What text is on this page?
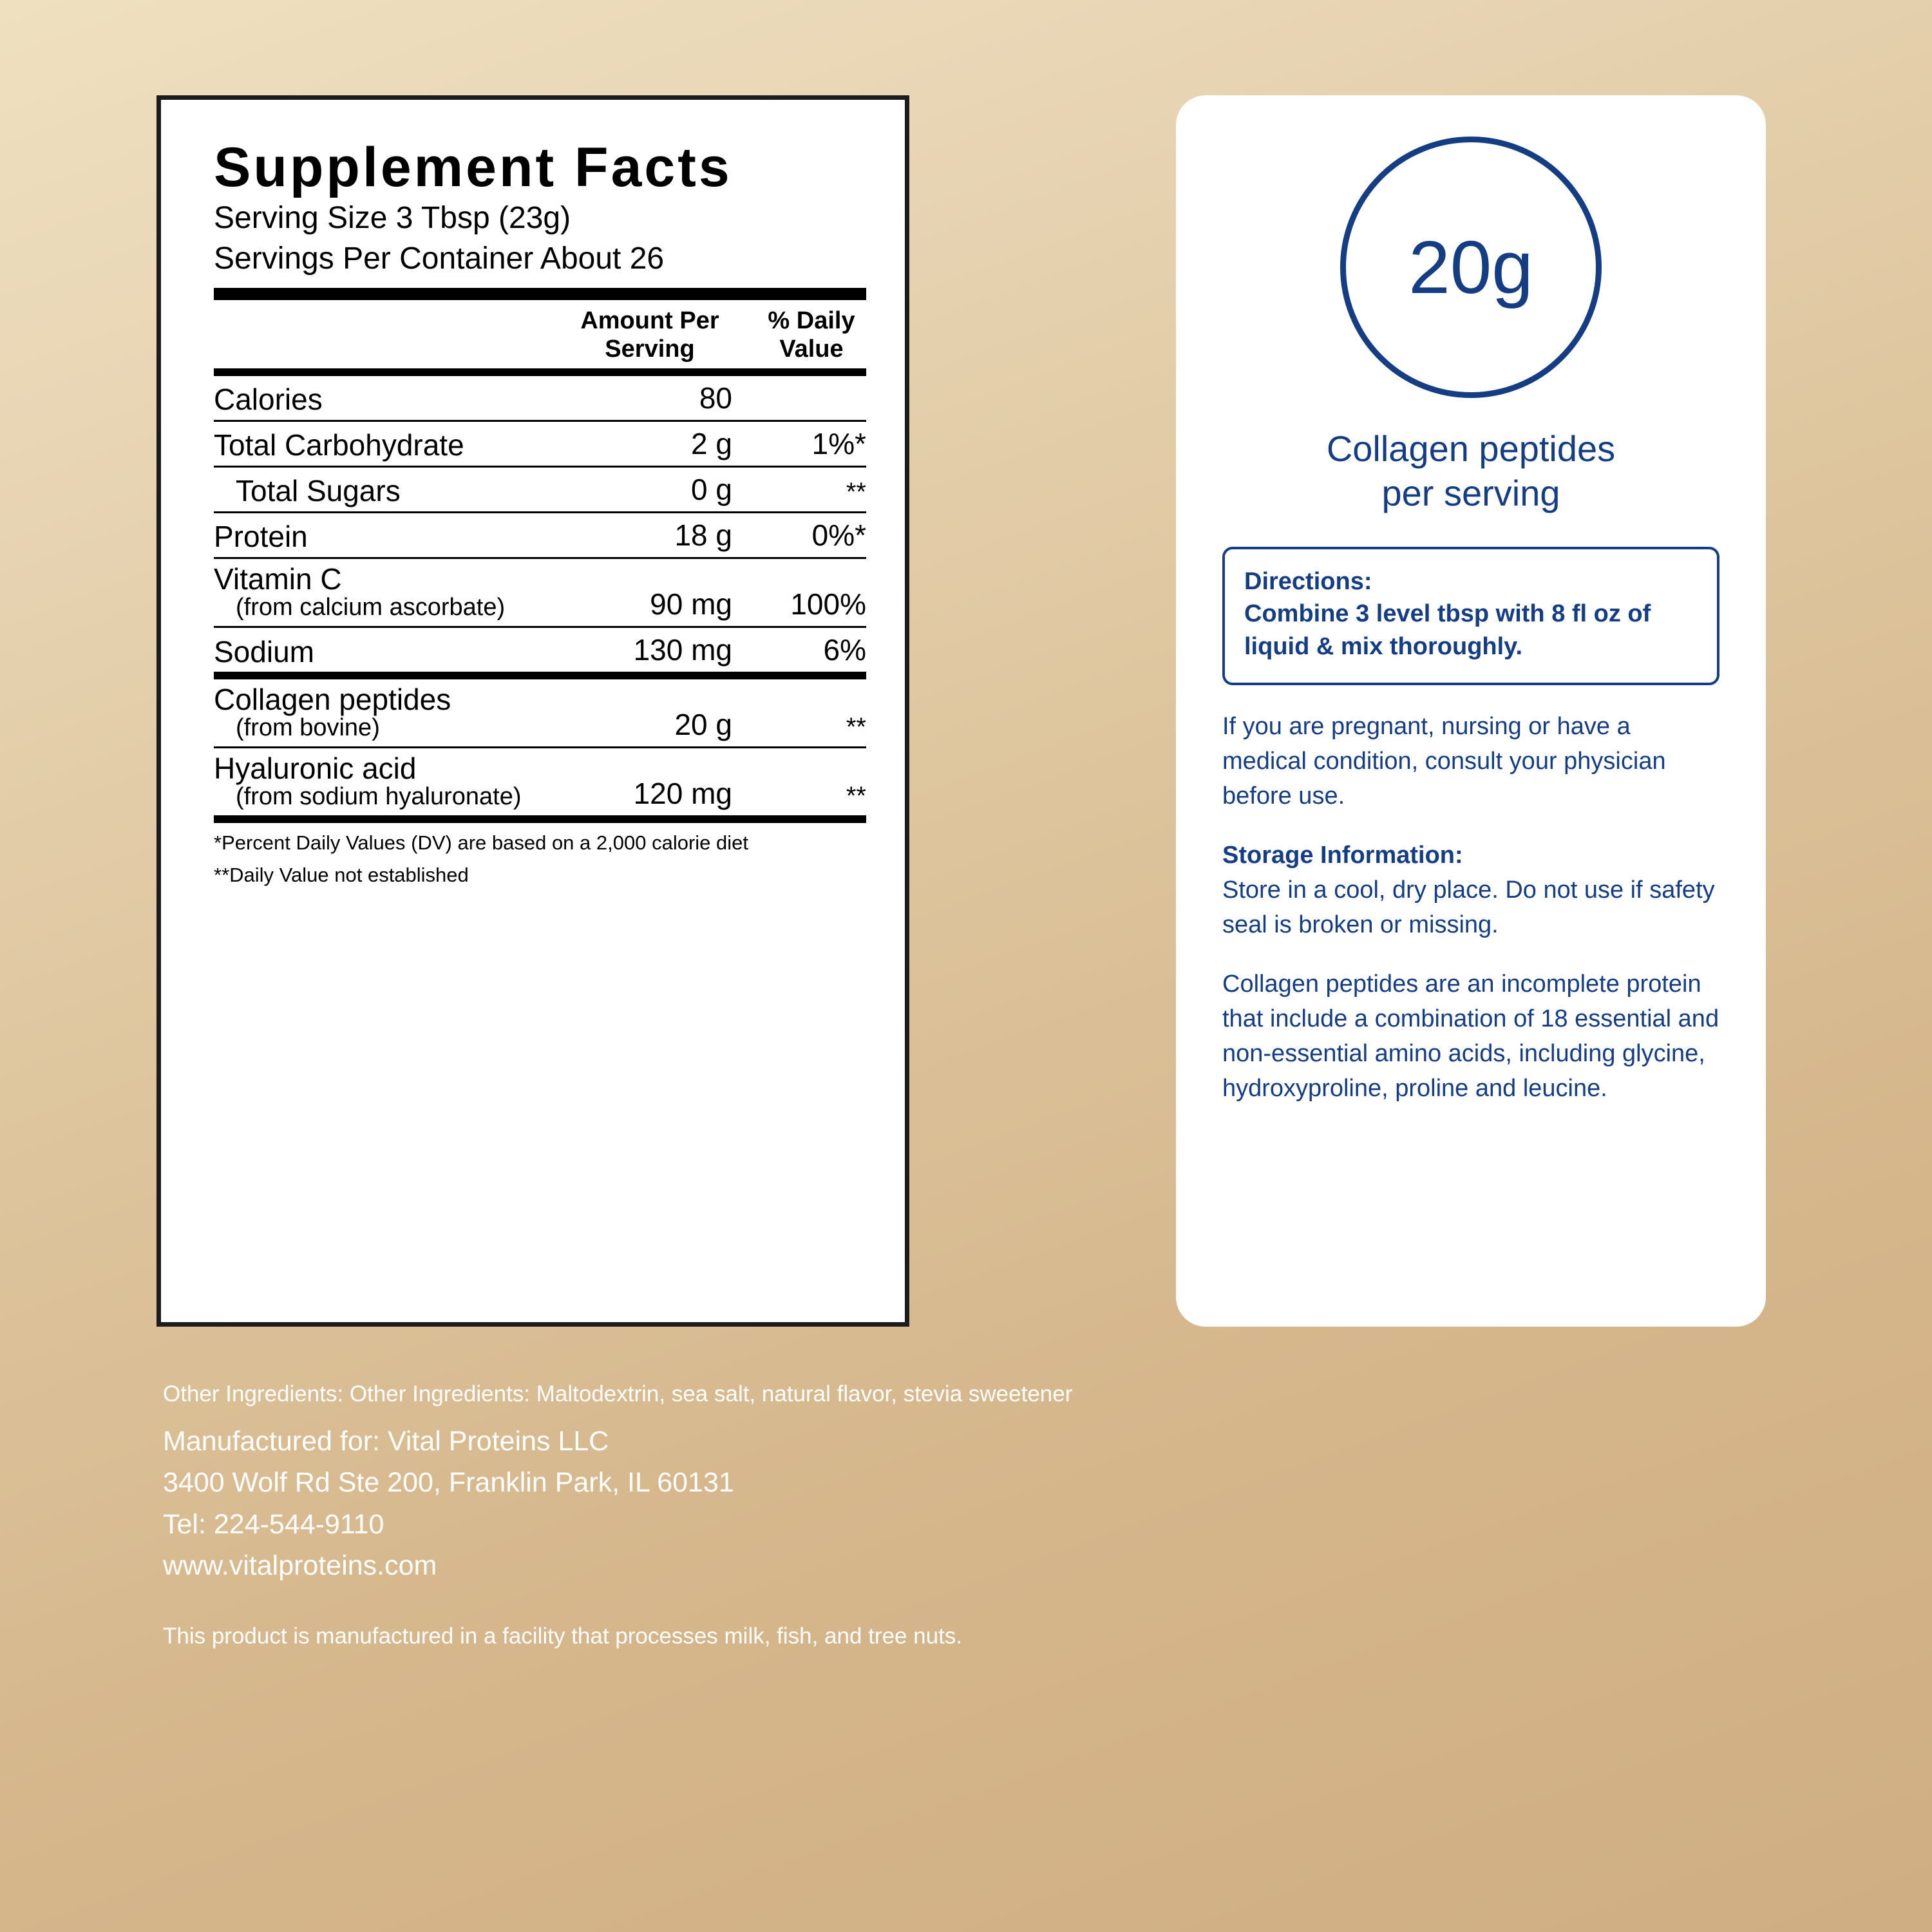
Supplement Facts
Serving Size 3 Tbsp (23g)
Servings Per Container About 26
Amount Per
Serving
% Daily
Value
Calories	80
Total Carbohydrate	2 g	1%*
Total Sugars	0 g	**
Protein	18 g	0%*
Vitamin C
(from calcium ascorbate)	90 mg	100%
Sodium	130 mg	6%
Collagen peptides
(from bovine)	20 g	**
Hyaluronic acid
(from sodium hyaluronate)	120 mg	**
*Percent Daily Values (DV) are based on a 2,000 calorie diet
**Daily Value not established
20g
Collagen peptides
per serving
Directions:
Combine 3 level tbsp with 8 fl oz of liquid & mix thoroughly.
If you are pregnant, nursing or have a medical condition, consult your physician before use.
Storage Information:
Store in a cool, dry place. Do not use if safety seal is broken or missing.
Collagen peptides are an incomplete protein that include a combination of 18 essential and non-essential amino acids, including glycine, hydroxyproline, proline and leucine.
Other Ingredients: Other Ingredients: Maltodextrin, sea salt, natural flavor, stevia sweetener
Manufactured for: Vital Proteins LLC
3400 Wolf Rd Ste 200, Franklin Park, IL 60131
Tel: 224-544-9110
www.vitalproteins.com
This product is manufactured in a facility that processes milk, fish, and tree nuts.
